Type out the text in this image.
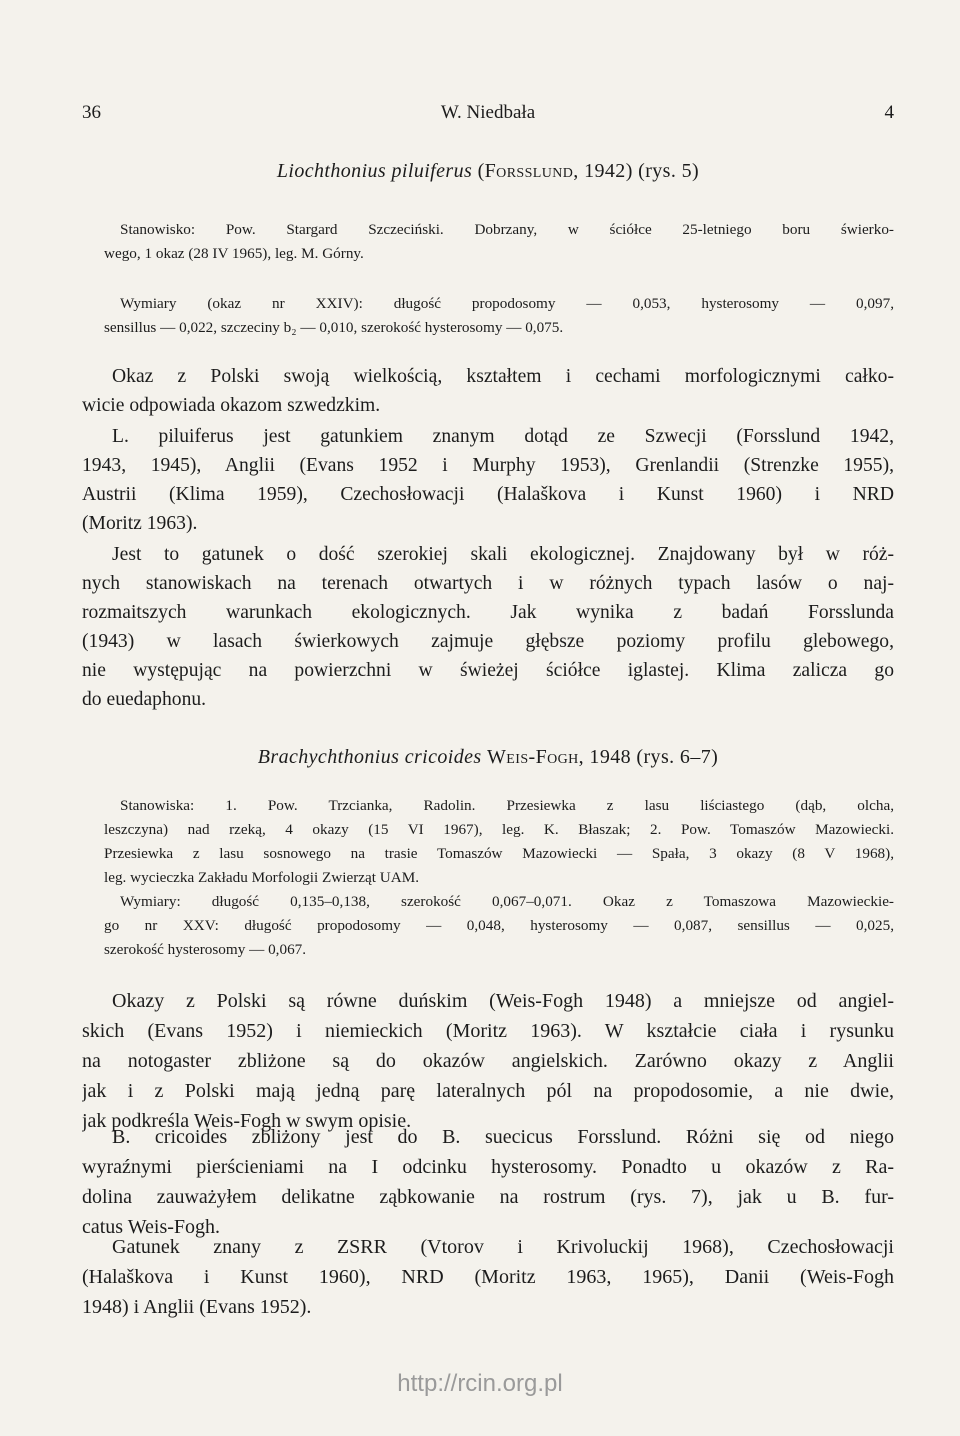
36	W. Niedbała	4
Liochthonius piluiferus (Forsslund, 1942) (rys. 5)
Stanowisko: Pow. Stargard Szczeciński. Dobrzany, w ściółce 25-letniego boru świerko-
wego, 1 okaz (28 IV 1965), leg. M. Górny.
Wymiary (okaz nr XXIV): długość propodosomy — 0,053, hysterosomy — 0,097,
sensillus — 0,022, szczeciny b₂ — 0,010, szerokość hysterosomy — 0,075.
Okaz z Polski swoją wielkością, kształtem i cechami morfologicznymi całko-
wicie odpowiada okazom szwedzkim.
L. piluiferus jest gatunkiem znanym dotąd ze Szwecji (Forsslund 1942,
1943, 1945), Anglii (Evans 1952 i Murphy 1953), Grenlandii (Strenzke 1955),
Austrii (Klima 1959), Czechosłowacji (Halaškova i Kunst 1960) i NRD
(Moritz 1963).
Jest to gatunek o dość szerokiej skali ekologicznej. Znajdowany był w róż-
nych stanowiskach na terenach otwartych i w różnych typach lasów o naj-
rozmaitszych warunkach ekologicznych. Jak wynika z badań Forsslunda
(1943) w lasach świerkowych zajmuje głębsze poziomy profilu glebowego,
nie występując na powierzchni w świeżej ściółce iglastej. Klima zalicza go
do euedaphonu.
Brachychthonius cricoides Weis-Fogh, 1948 (rys. 6–7)
Stanowiska: 1. Pow. Trzcianka, Radolin. Przesiewka z lasu liściastego (dąb, olcha,
leszczyna) nad rzeką, 4 okazy (15 VI 1967), leg. K. Błaszak; 2. Pow. Tomaszów Mazowiecki.
Przesiewka z lasu sosnowego na trasie Tomaszów Mazowiecki — Spała, 3 okazy (8 V 1968),
leg. wycieczka Zakładu Morfologii Zwierząt UAM.
Wymiary: długość 0,135–0,138, szerokość 0,067–0,071. Okaz z Tomaszowa Mazowieckie-
go nr XXV: długość propodosomy — 0,048, hysterosomy — 0,087, sensillus — 0,025,
szerokość hysterosomy — 0,067.
Okazy z Polski są równe duńskim (Weis-Fogh 1948) a mniejsze od angiel-
skich (Evans 1952) i niemieckich (Moritz 1963). W kształcie ciała i rysunku
na notogaster zbliżone są do okazów angielskich. Zarówno okazy z Anglii
jak i z Polski mają jedną parę lateralnych pól na propodosomie, a nie dwie,
jak podkreśla Weis-Fogh w swym opisie.
B. cricoides zbliżony jest do B. suecicus Forsslund. Różni się od niego
wyraźnymi pierścieniami na I odcinku hysterosomy. Ponadto u okazów z Ra-
dolina zauważyłem delikatne ząbkowanie na rostrum (rys. 7), jak u B. fur-
catus Weis-Fogh.
Gatunek znany z ZSRR (Vtorov i Krivoluckij 1968), Czechosłowacji
(Halaškova i Kunst 1960), NRD (Moritz 1963, 1965), Danii (Weis-Fogh
1948) i Anglii (Evans 1952).
http://rcin.org.pl
